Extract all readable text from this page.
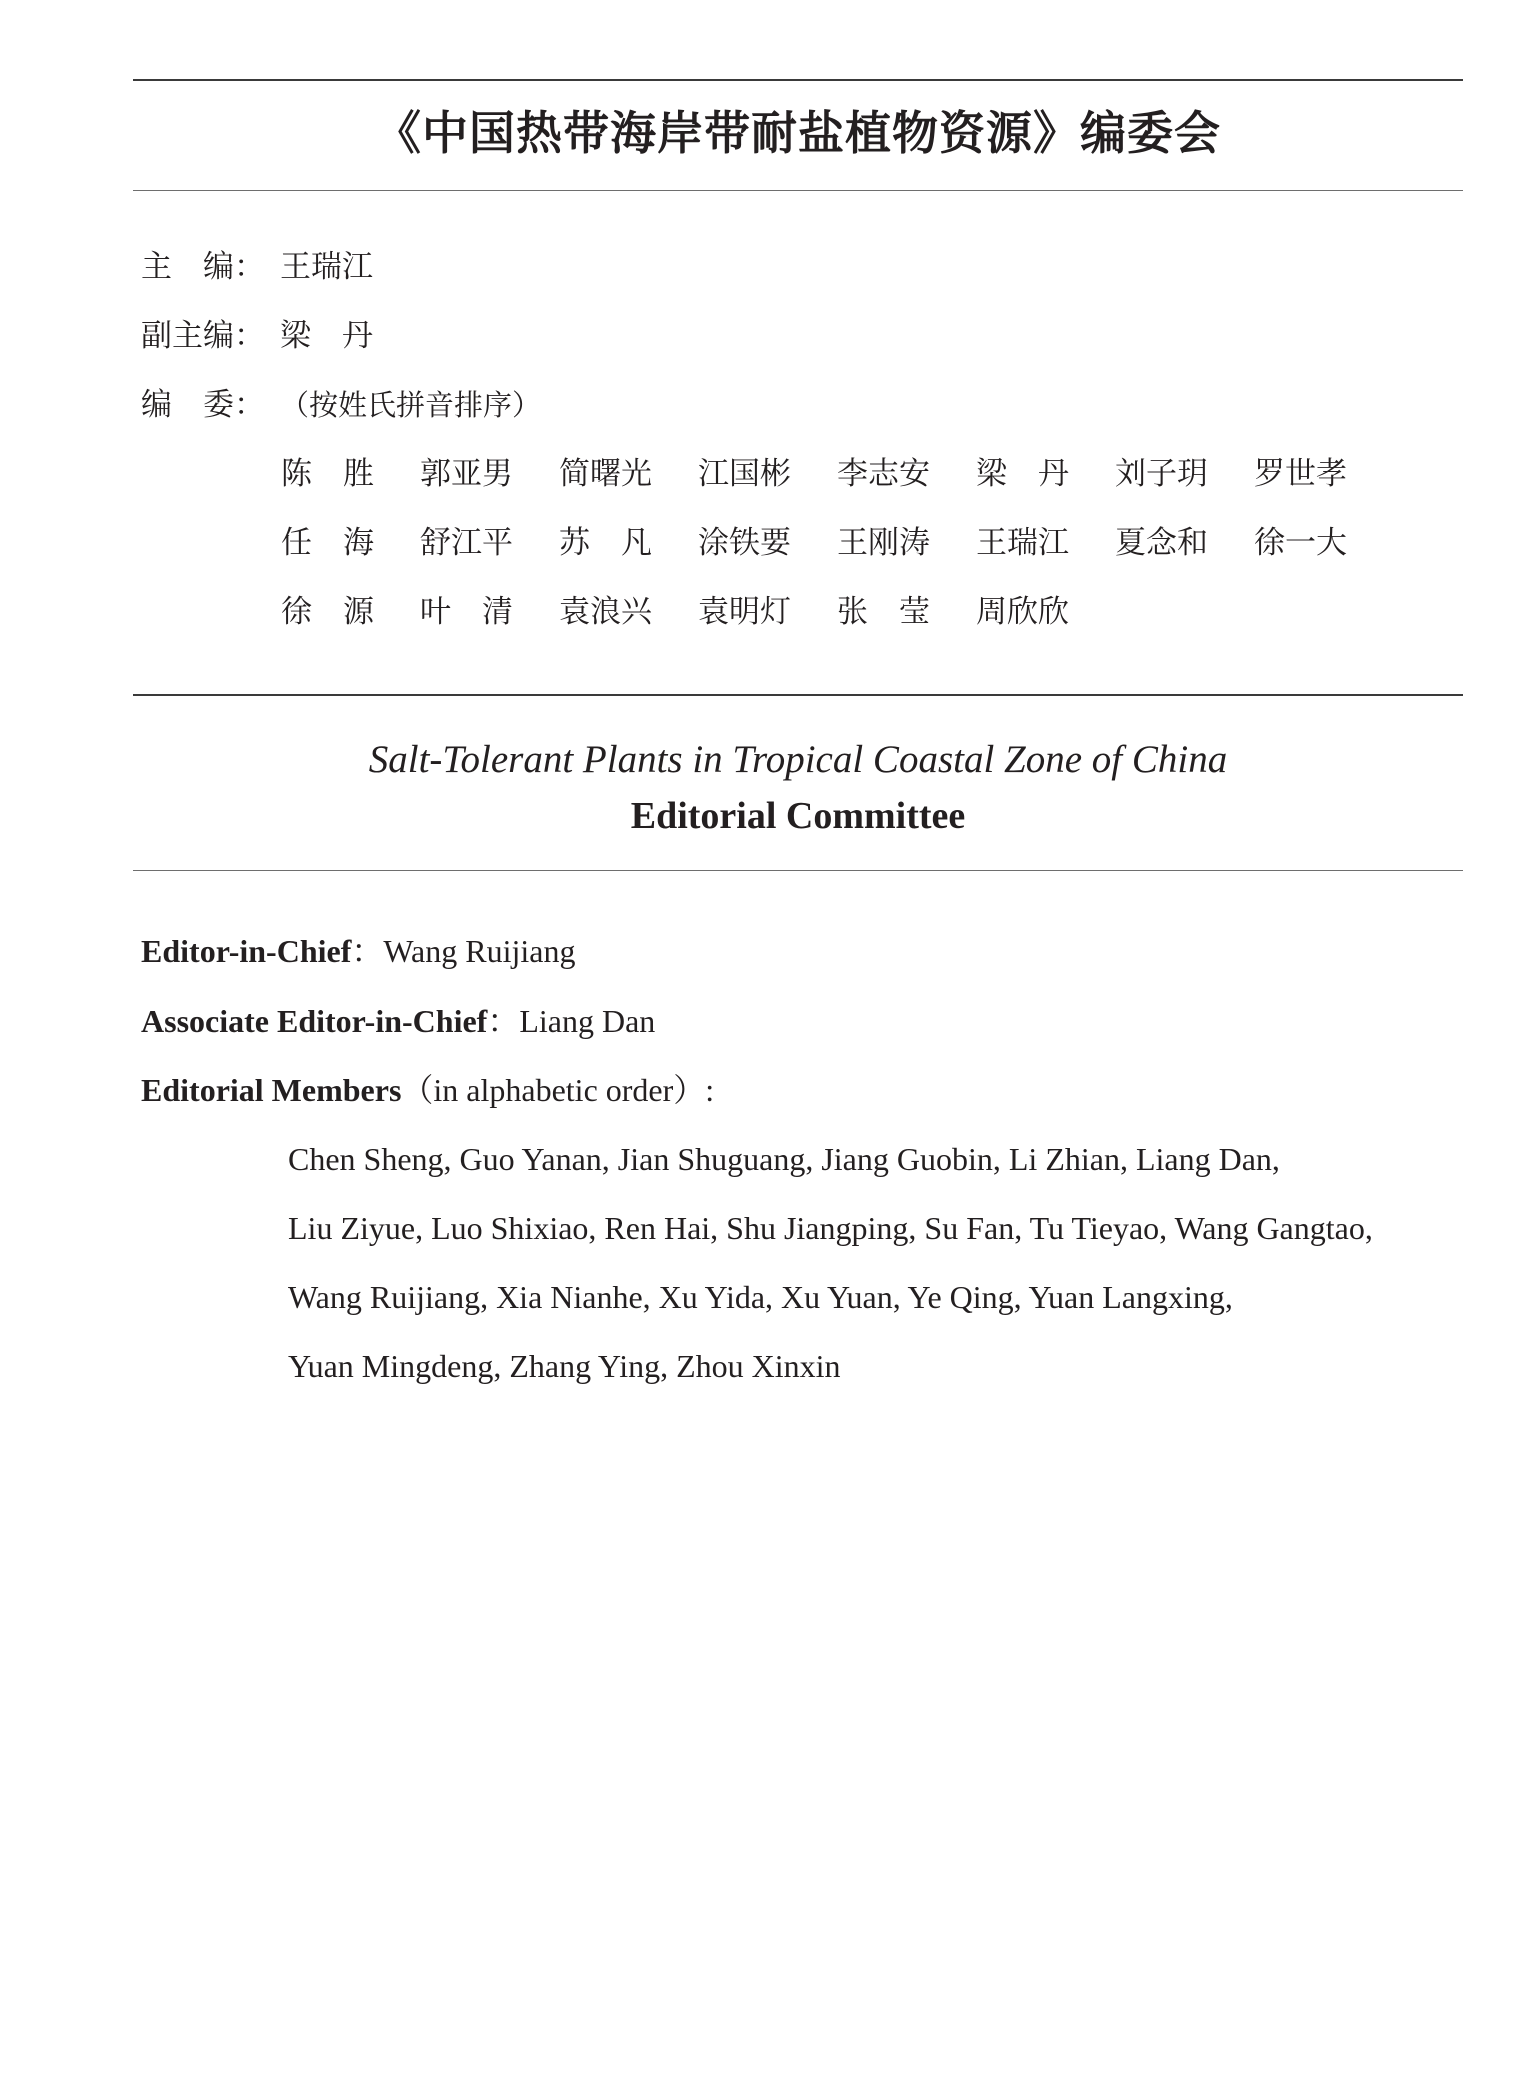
《中国热带海岸带耐盐植物资源》编委会
主　编： 王瑞江
副主编： 梁　丹
编　委： （按姓氏拼音排序）
陈　胜	郭亚男	简曙光	江国彬	李志安	梁　丹	刘子玥	罗世孝
任　海	舒江平	苏　凡	涂铁要	王刚涛	王瑞江	夏念和	徐一大
徐　源	叶　清	袁浪兴	袁明灯	张　莹	周欣欣
Salt-Tolerant Plants in Tropical Coastal Zone of China
Editorial Committee
Editor-in-Chief：Wang Ruijiang
Associate Editor-in-Chief：Liang Dan
Editorial Members（in alphabetic order）:
Chen Sheng, Guo Yanan, Jian Shuguang, Jiang Guobin, Li Zhian, Liang Dan,
Liu Ziyue, Luo Shixiao, Ren Hai, Shu Jiangping, Su Fan, Tu Tieyao, Wang Gangtao,
Wang Ruijiang, Xia Nianhe, Xu Yida, Xu Yuan, Ye Qing, Yuan Langxing,
Yuan Mingdeng, Zhang Ying, Zhou Xinxin
